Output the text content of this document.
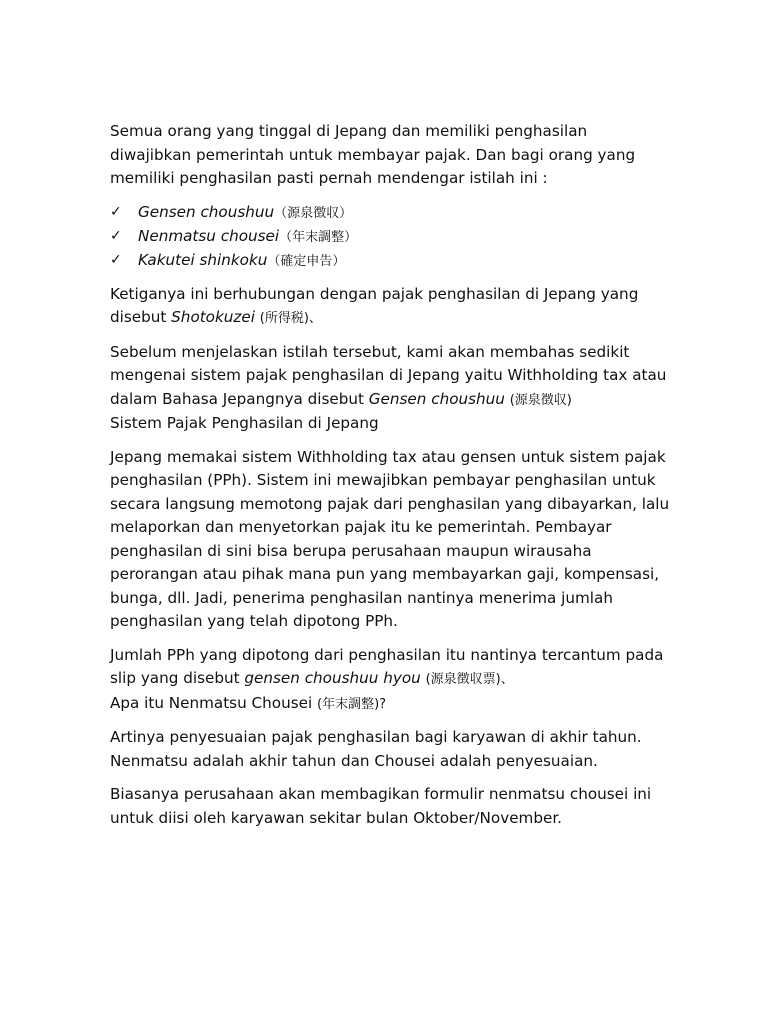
Semua orang yang tinggal di Jepang dan memiliki penghasilan diwajibkan pemerintah untuk membayar pajak. Dan bagi orang yang memiliki penghasilan pasti pernah mendengar istilah ini :

✓ Gensen choushuu（源泉徴収）
✓ Nenmatsu chousei（年末調整）
✓ Kakutei shinkoku（確定申告）

Ketiganya ini berhubungan dengan pajak penghasilan di Jepang yang disebut Shotokuzei (所得税)、

Sebelum menjelaskan istilah tersebut, kami akan membahas sedikit mengenai sistem pajak penghasilan di Jepang yaitu Withholding tax atau dalam Bahasa Jepangnya disebut Gensen choushuu (源泉徴収)

Sistem Pajak Penghasilan di Jepang

Jepang memakai sistem Withholding tax atau gensen untuk sistem pajak penghasilan (PPh). Sistem ini mewajibkan pembayar penghasilan untuk secara langsung memotong pajak dari penghasilan yang dibayarkan, lalu melaporkan dan menyetorkan pajak itu ke pemerintah. Pembayar penghasilan di sini bisa berupa perusahaan maupun wirausaha perorangan atau pihak mana pun yang membayarkan gaji, kompensasi, bunga, dll. Jadi, penerima penghasilan nantinya menerima jumlah penghasilan yang telah dipotong PPh.

Jumlah PPh yang dipotong dari penghasilan itu nantinya tercantum pada slip yang disebut gensen choushuu hyou (源泉徴収票)、

Apa itu Nenmatsu Chousei (年末調整)?

Artinya penyesuaian pajak penghasilan bagi karyawan di akhir tahun. Nenmatsu adalah akhir tahun dan Chousei adalah penyesuaian.

Biasanya perusahaan akan membagikan formulir nenmatsu chousei ini untuk diisi oleh karyawan sekitar bulan Oktober/November.
